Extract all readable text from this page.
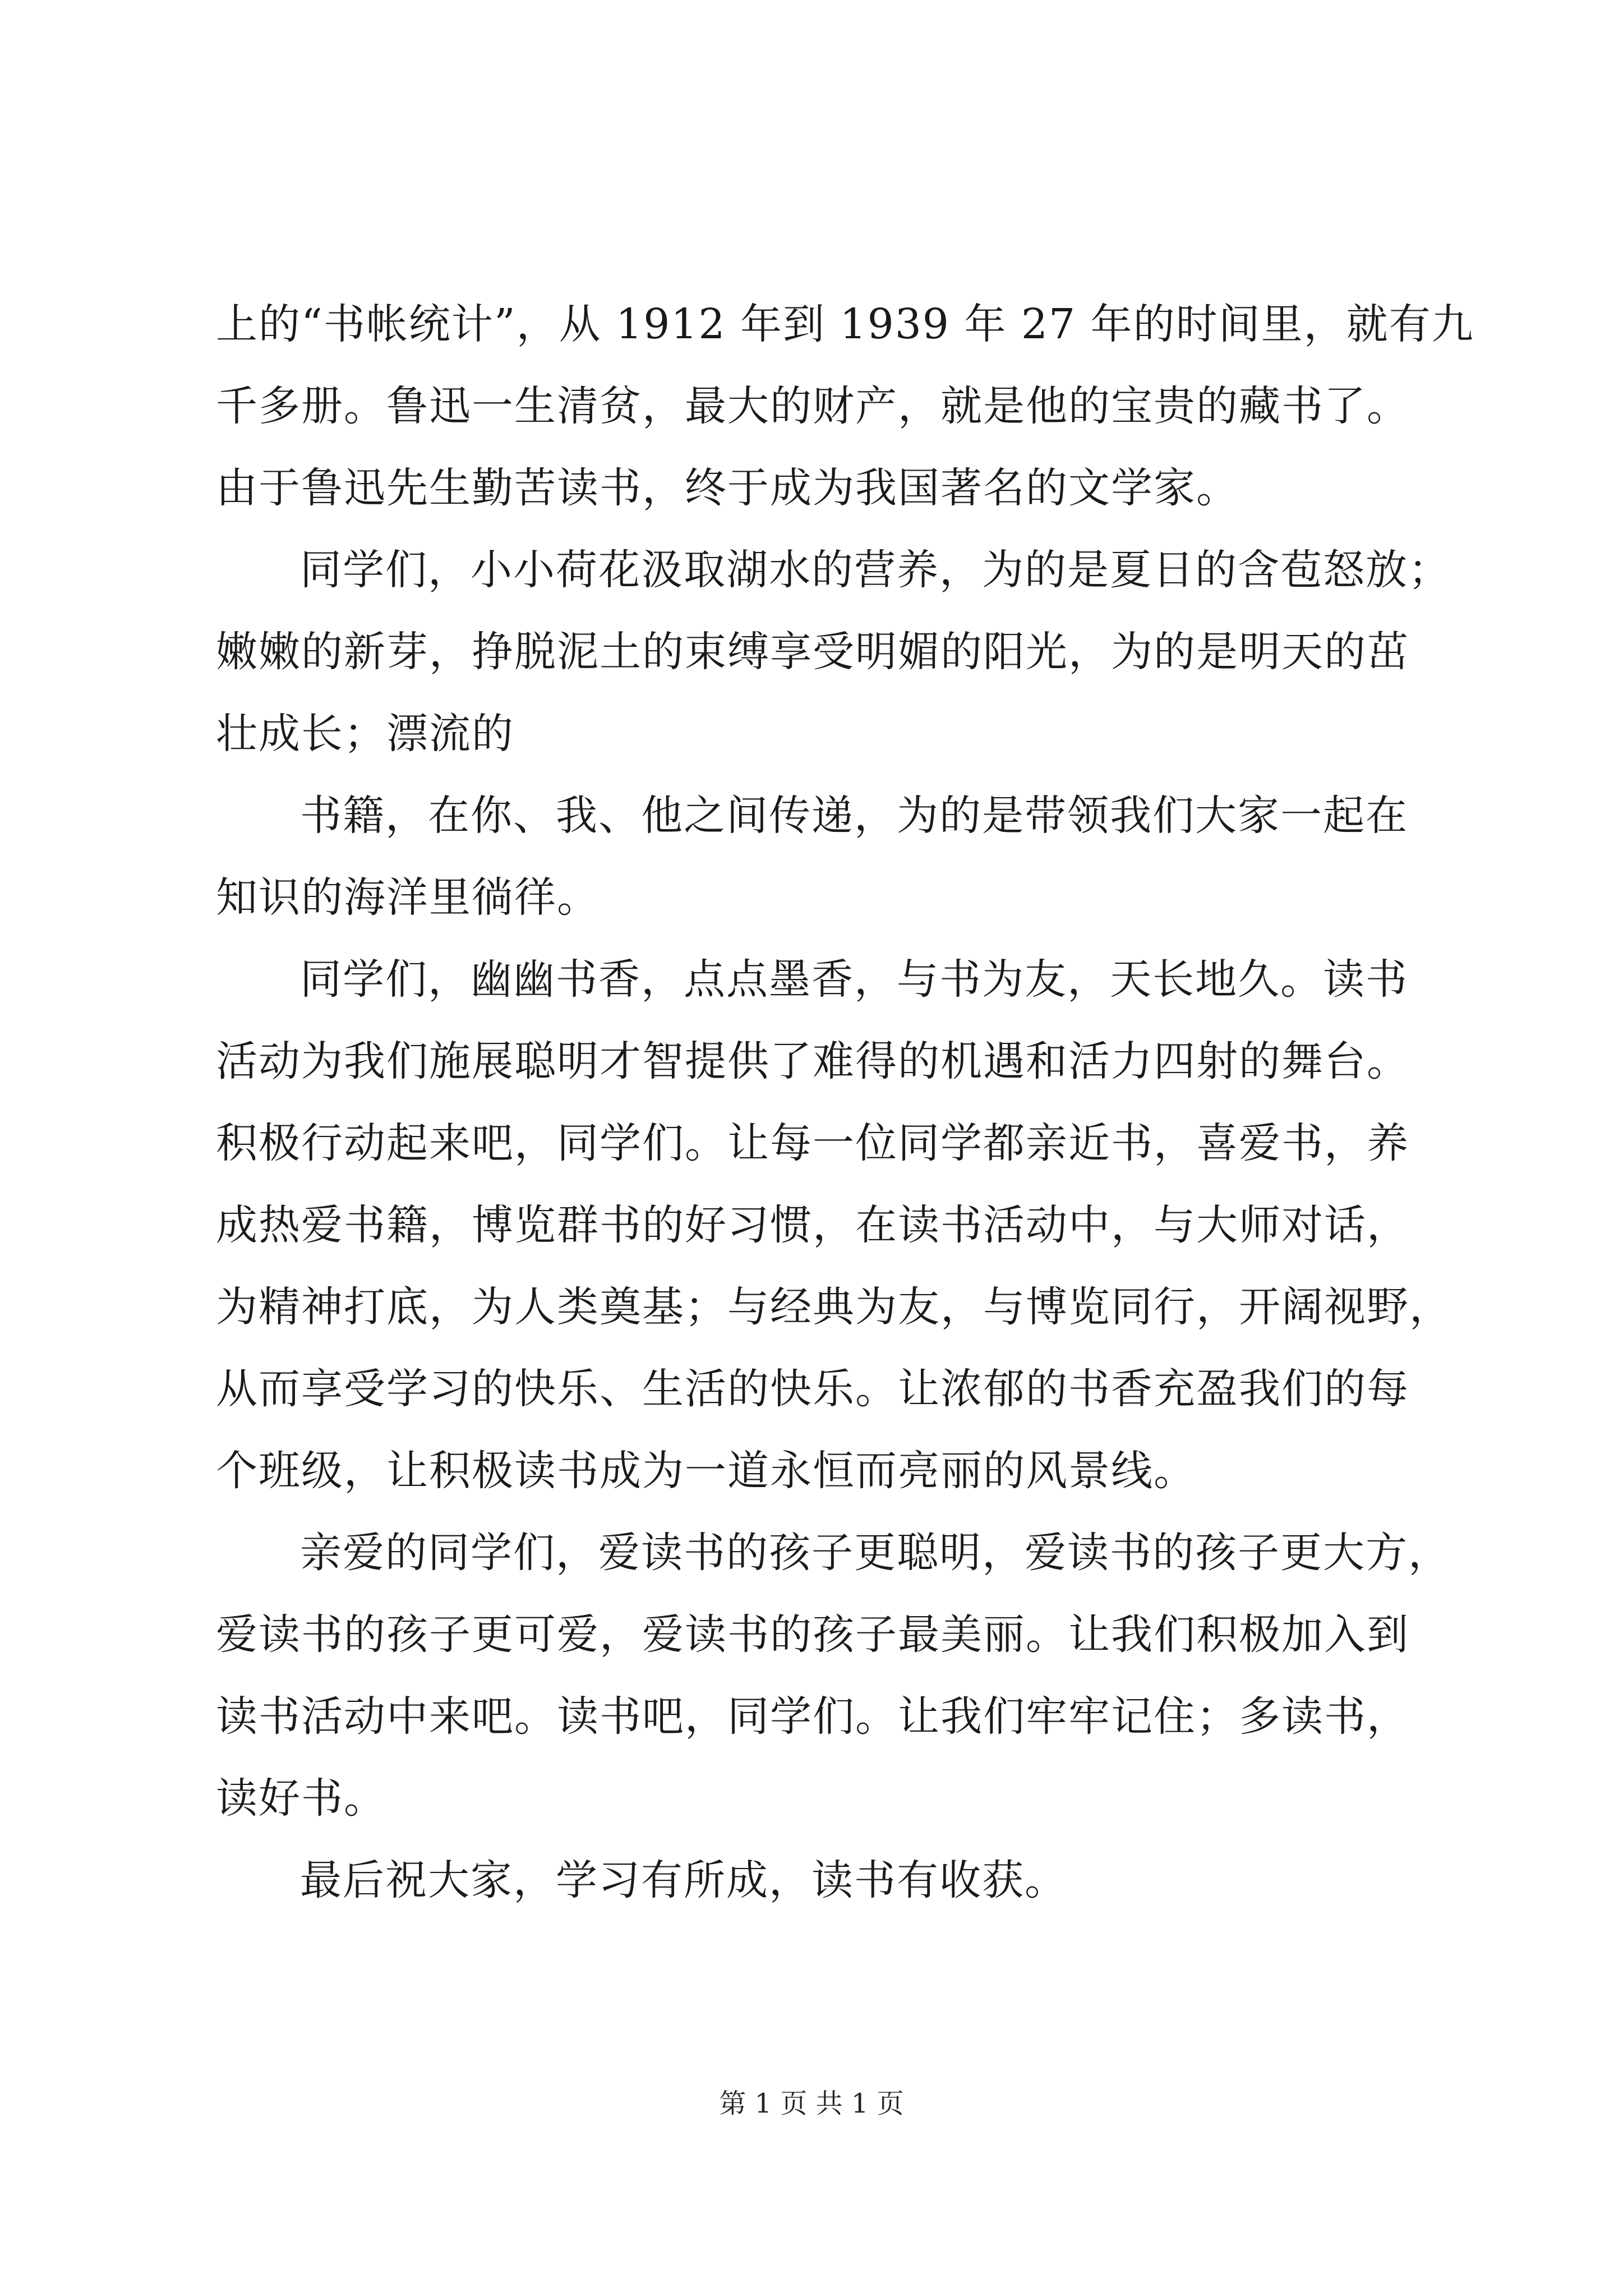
上的“书帐统计”，从 1912 年到 1939 年 27 年的时间里，就有九
千多册。鲁迅一生清贫，最大的财产，就是他的宝贵的藏书了。
由于鲁迅先生勤苦读书，终于成为我国著名的文学家。
同学们，小小荷花汲取湖水的营养，为的是夏日的含苞怒放；
嫩嫩的新芽，挣脱泥土的束缚享受明媚的阳光，为的是明天的茁
壮成长；漂流的
书籍，在你、我、他之间传递，为的是带领我们大家一起在
知识的海洋里徜徉。
同学们，幽幽书香，点点墨香，与书为友，天长地久。读书
活动为我们施展聪明才智提供了难得的机遇和活力四射的舞台。
积极行动起来吧，同学们。让每一位同学都亲近书，喜爱书，养
成热爱书籍，博览群书的好习惯，在读书活动中，与大师对话，
为精神打底，为人类奠基；与经典为友，与博览同行，开阔视野，
从而享受学习的快乐、生活的快乐。让浓郁的书香充盈我们的每
个班级，让积极读书成为一道永恒而亮丽的风景线。
亲爱的同学们，爱读书的孩子更聪明，爱读书的孩子更大方，
爱读书的孩子更可爱，爱读书的孩子最美丽。让我们积极加入到
读书活动中来吧。读书吧，同学们。让我们牢牢记住；多读书，
读好书。
最后祝大家，学习有所成，读书有收获。
第 1 页 共 1 页
